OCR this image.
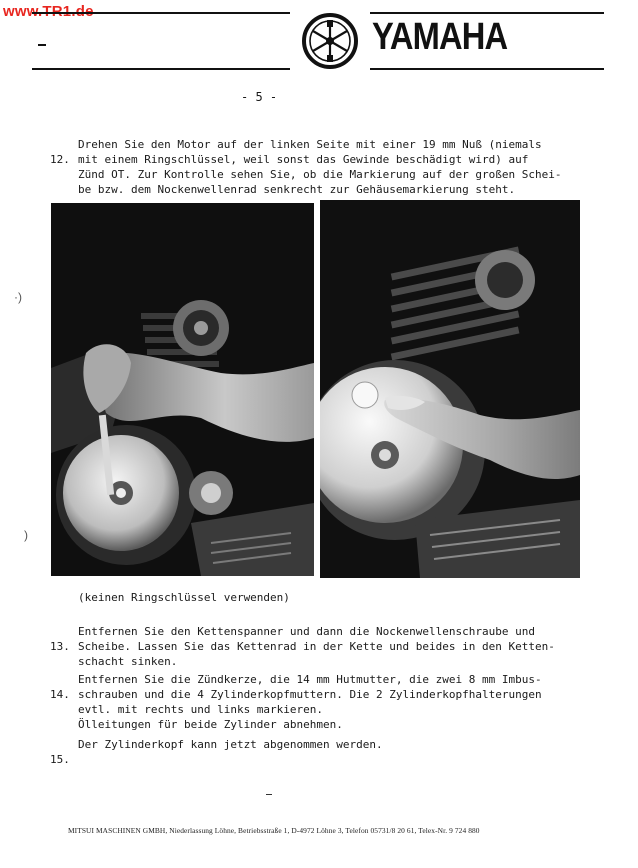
www.TR1.de
YAMAHA
- 5 -

12.

Drehen Sie den Motor auf der linken Seite mit einer 19 mm Nuß (niemals

mit einem Ringschlüssel, weil sonst das Gewinde beschädigt wird) auf

Zünd OT. Zur Kontrolle sehen Sie, ob die Markierung auf der großen Schei-

be bzw. dem Nockenwellenrad senkrecht zur Gehäusemarkierung steht.

·)
)
(keinen Ringschlüssel verwenden)

13.

Entfernen Sie den Kettenspanner und dann die Nockenwellenschraube und

Scheibe. Lassen Sie das Kettenrad in der Kette und beides in den Ketten-

schacht sinken.

14.

Entfernen Sie die Zündkerze, die 14 mm Hutmutter, die zwei 8 mm Imbus-

schrauben und die 4 Zylinderkopfmuttern. Die 2 Zylinderkopfhalterungen

evtl. mit rechts und links markieren.

Ölleitungen für beide Zylinder abnehmen.

15.

Der Zylinderkopf kann jetzt abgenommen werden.

MITSUI MASCHINEN GMBH, Niederlassung Löhne, Betriebsstraße 1, D-4972 Löhne 3, Telefon 05731/8 20 61, Telex-Nr. 9 724 880
